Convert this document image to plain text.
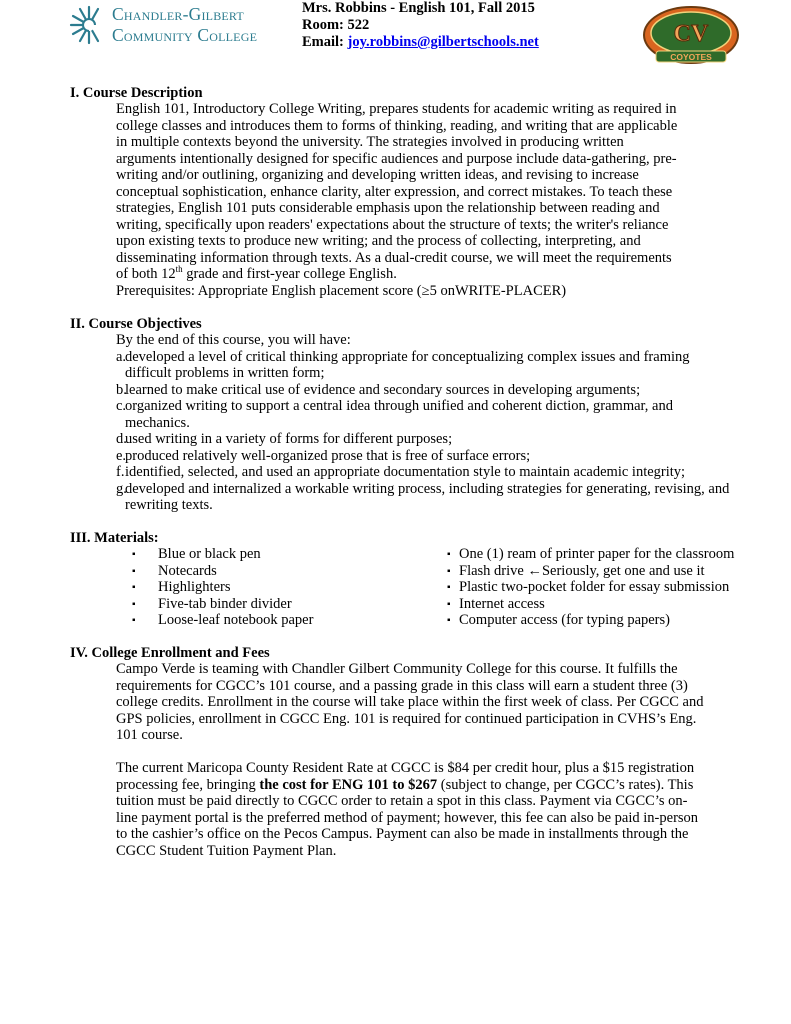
Chandler-Gilbert
Community College
Mrs. Robbins - English 101, Fall 2015
Room: 522
Email: joy.robbins@gilbertschools.net	CV
COYOTES
I. Course Description

English 101, Introductory College Writing, prepares students for academic writing as required in college classes and introduces them to forms of thinking, reading, and writing that are applicable in multiple contexts beyond the university. The strategies involved in producing written arguments intentionally designed for specific audiences and purpose include data-gathering, pre-writing and/or outlining, organizing and developing written ideas, and revising to increase conceptual sophistication, enhance clarity, alter expression, and correct mistakes. To teach these strategies, English 101 puts considerable emphasis upon the relationship between reading and writing, specifically upon readers' expectations about the structure of texts; the writer's reliance upon existing texts to produce new writing; and the process of collecting, interpreting, and disseminating information through texts. As a dual-credit course, we will meet the requirements of both 12th grade and first-year college English.

Prerequisites: Appropriate English placement score (≥5 onWRITE-PLACER)

II. Course Objectives
By the end of this course, you will have:
a.
developed a level of critical thinking appropriate for conceptualizing complex issues and framing difficult problems in written form;
b.
learned to make critical use of evidence and secondary sources in developing arguments;
c.
organized writing to support a central idea through unified and coherent diction, grammar, and mechanics.
d.
used writing in a variety of forms for different purposes;
e.
produced relatively well-organized prose that is free of surface errors;
f. identified, selected, and used an appropriate documentation style to maintain academic integrity;
g.
developed and internalized a workable writing process, including strategies for generating, revising, and rewriting texts.
III. Materials:
▪	Blue or black pen
▪	Notecards
▪	Highlighters
▪	Five-tab binder divider
▪	Loose-leaf notebook paper
▪ One (1) ream of printer paper for the classroom
▪ Flash drive ←Seriously, get one and use it
▪ Plastic two-pocket folder for essay submission
▪ Internet access
▪ Computer access (for typing papers)
IV. College Enrollment and Fees

Campo Verde is teaming with Chandler Gilbert Community College for this course. It fulfills the requirements for CGCC’s 101 course, and a passing grade in this class will earn a student three (3) college credits. Enrollment in the course will take place within the first week of class. Per CGCC and GPS policies, enrollment in CGCC Eng. 101 is required for continued participation in CVHS’s Eng. 101 course.

The current Maricopa County Resident Rate at CGCC is $84 per credit hour, plus a $15 registration processing fee, bringing the cost for ENG 101 to $267 (subject to change, per CGCC’s rates). This tuition must be paid directly to CGCC order to retain a spot in this class. Payment via CGCC’s on-line payment portal is the preferred method of payment; however, this fee can also be paid in-person to the cashier’s office on the Pecos Campus. Payment can also be made in installments through the CGCC Student Tuition Payment Plan.
